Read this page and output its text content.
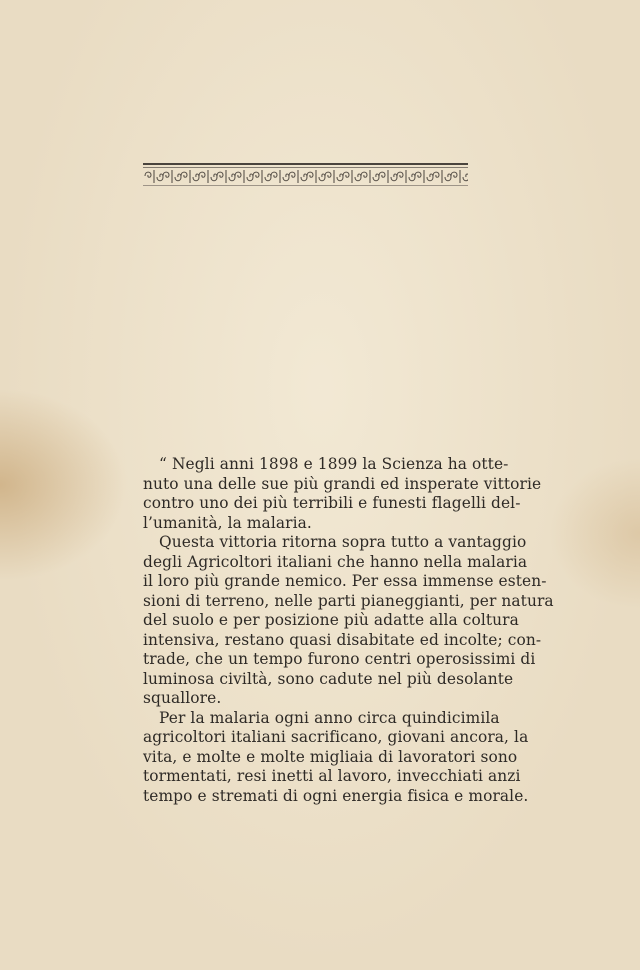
“ Negli anni 1898 e 1899 la Scienza ha otte-
nuto una delle sue più grandi ed insperate vittorie
contro uno dei più terribili e funesti flagelli del-
l’umanità, la malaria.

Questa vittoria ritorna sopra tutto a vantaggio
degli Agricoltori italiani che hanno nella malaria
il loro più grande nemico. Per essa immense esten-
sioni di terreno, nelle parti pianeggianti, per natura
del suolo e per posizione più adatte alla coltura
intensiva, restano quasi disabitate ed incolte; con-
trade, che un tempo furono centri operosissimi di
luminosa civiltà, sono cadute nel più desolante
squallore.

Per la malaria ogni anno circa quindicimila
agricoltori italiani sacrificano, giovani ancora, la
vita, e molte e molte migliaia di lavoratori sono
tormentati, resi inetti al lavoro, invecchiati anzi
tempo e stremati di ogni energia fisica e morale.
